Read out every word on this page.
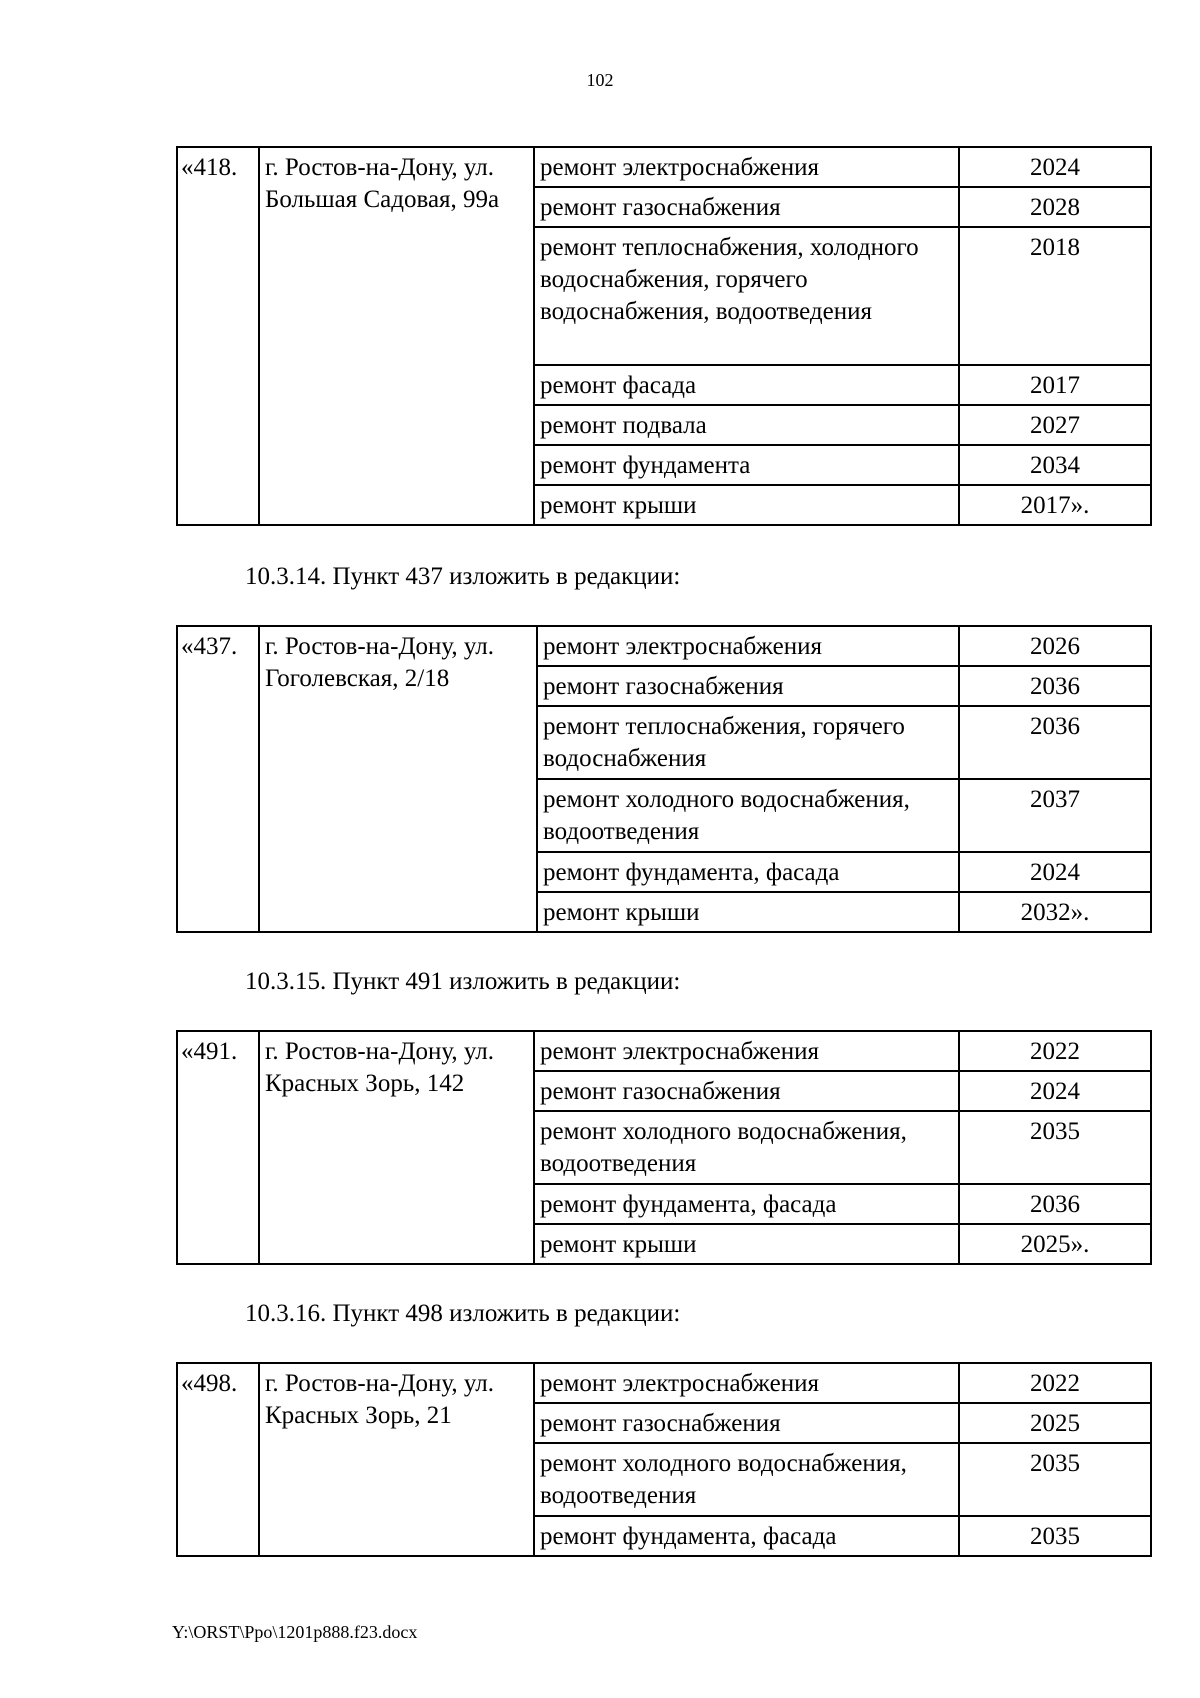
102
«418.	г. Ростов-на-Дону, ул. Большая Садовая, 99а	ремонт электроснабжения	2024
		ремонт газоснабжения	2028
		ремонт теплоснабжения, холодного водоснабжения, горячего водоснабжения, водоотведения	2018
		ремонт фасада	2017
		ремонт подвала	2027
		ремонт фундамента	2034
		ремонт крыши	2017».
10.3.14. Пункт 437 изложить в редакции:
«437.	г. Ростов-на-Дону, ул. Гоголевская, 2/18	ремонт электроснабжения	2026
		ремонт газоснабжения	2036
		ремонт теплоснабжения, горячего водоснабжения	2036
		ремонт холодного водоснабжения, водоотведения	2037
		ремонт фундамента, фасада	2024
		ремонт крыши	2032».
10.3.15. Пункт 491 изложить в редакции:
«491.	г. Ростов-на-Дону, ул. Красных Зорь, 142	ремонт электроснабжения	2022
		ремонт газоснабжения	2024
		ремонт холодного водоснабжения, водоотведения	2035
		ремонт фундамента, фасада	2036
		ремонт крыши	2025».
10.3.16. Пункт 498 изложить в редакции:
«498.	г. Ростов-на-Дону, ул. Красных Зорь, 21	ремонт электроснабжения	2022
		ремонт газоснабжения	2025
		ремонт холодного водоснабжения, водоотведения	2035
		ремонт фундамента, фасада	2035
Y:\ORST\Ppo\1201p888.f23.docx
